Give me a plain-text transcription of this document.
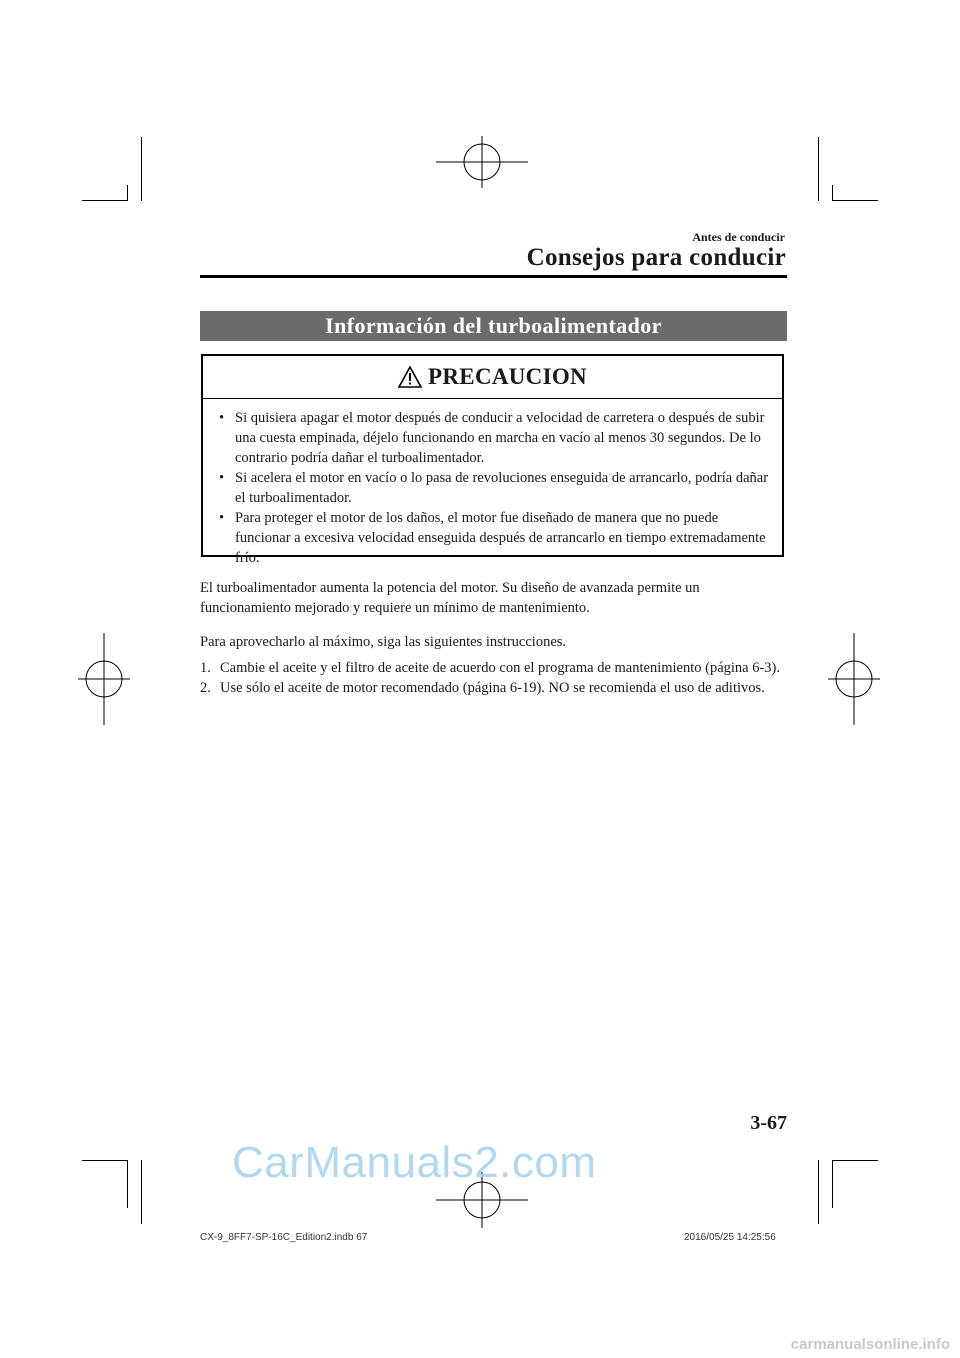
Antes de conducir
Consejos para conducir
Información del turboalimentador
PRECAUCION
• Si quisiera apagar el motor después de conducir a velocidad de carretera o después de subir una cuesta empinada, déjelo funcionando en marcha en vacío al menos 30 segundos. De lo contrario podría dañar el turboalimentador.
• Si acelera el motor en vacío o lo pasa de revoluciones enseguida de arrancarlo, podría dañar el turboalimentador.
• Para proteger el motor de los daños, el motor fue diseñado de manera que no puede funcionar a excesiva velocidad enseguida después de arrancarlo en tiempo extremadamente frío.

El turboalimentador aumenta la potencia del motor. Su diseño de avanzada permite un funcionamiento mejorado y requiere un mínimo de mantenimiento.

Para aprovecharlo al máximo, siga las siguientes instrucciones.

1. Cambie el aceite y el filtro de aceite de acuerdo con el programa de mantenimiento (página 6-3).
2. Use sólo el aceite de motor recomendado (página 6-19). NO se recomienda el uso de aditivos.
3-67
CarManuals2.com
CX-9_8FF7-SP-16C_Edition2.indb 67	2016/05/25 14:25:56
carmanualsonline.info
